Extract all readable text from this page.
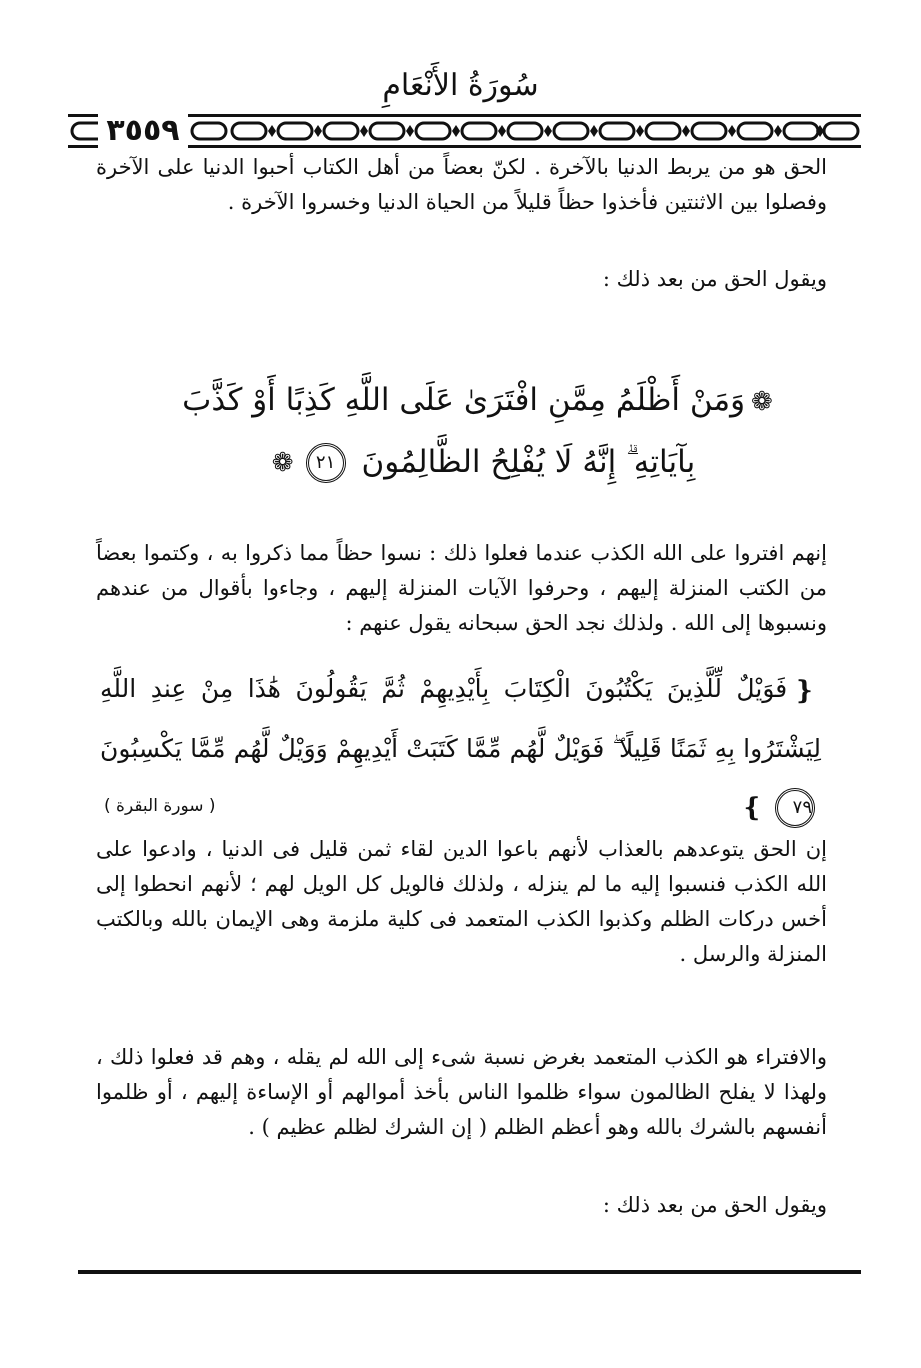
سُورَةُ الأَنْعَامِ
٣٥٥٩

الحق هو من يربط الدنيا بالآخرة . لكنّ بعضاً من أهل الكتاب أحبوا الدنيا على الآخرة وفصلوا بين الاثنتين فأخذوا حظاً قليلاً من الحياة الدنيا وخسروا الآخرة .

ويقول الحق من بعد ذلك :

❁وَمَنْ أَظْلَمُ مِمَّنِ افْتَرَىٰ عَلَى اللَّهِ كَذِبًا أَوْ كَذَّبَ بِآيَاتِهِ ۗ إِنَّهُ لَا يُفْلِحُ الظَّالِمُونَ ٢١❁

إنهم افتروا على الله الكذب عندما فعلوا ذلك : نسوا حظاً مما ذكروا به ، وكتموا بعضاً من الكتب المنزلة إليهم ، وحرفوا الآيات المنزلة إليهم ، وجاءوا بأقوال من عندهم ونسبوها إلى الله . ولذلك نجد الحق سبحانه يقول عنهم :

❴فَوَيْلٌ لِّلَّذِينَ يَكْتُبُونَ الْكِتَابَ بِأَيْدِيهِمْ ثُمَّ يَقُولُونَ هَٰذَا مِنْ عِندِ اللَّهِ لِيَشْتَرُوا بِهِ ثَمَنًا قَلِيلًا ۖ فَوَيْلٌ لَّهُم مِّمَّا كَتَبَتْ أَيْدِيهِمْ وَوَيْلٌ لَّهُم مِّمَّا يَكْسِبُونَ ٧٩❵

( سورة البقرة )

إن الحق يتوعدهم بالعذاب لأنهم باعوا الدين لقاء ثمن قليل فى الدنيا ، وادعوا على الله الكذب فنسبوا إليه ما لم ينزله ، ولذلك فالويل كل الويل لهم ؛ لأنهم انحطوا إلى أخس دركات الظلم وكذبوا الكذب المتعمد فى كلية ملزمة وهى الإيمان بالله وبالكتب المنزلة والرسل .

والافتراء هو الكذب المتعمد بغرض نسبة شىء إلى الله لم يقله ، وهم قد فعلوا ذلك ، ولهذا لا يفلح الظالمون سواء ظلموا الناس بأخذ أموالهم أو الإساءة إليهم ، أو ظلموا أنفسهم بالشرك بالله وهو أعظم الظلم ( إن الشرك لظلم عظيم ) .

ويقول الحق من بعد ذلك :
